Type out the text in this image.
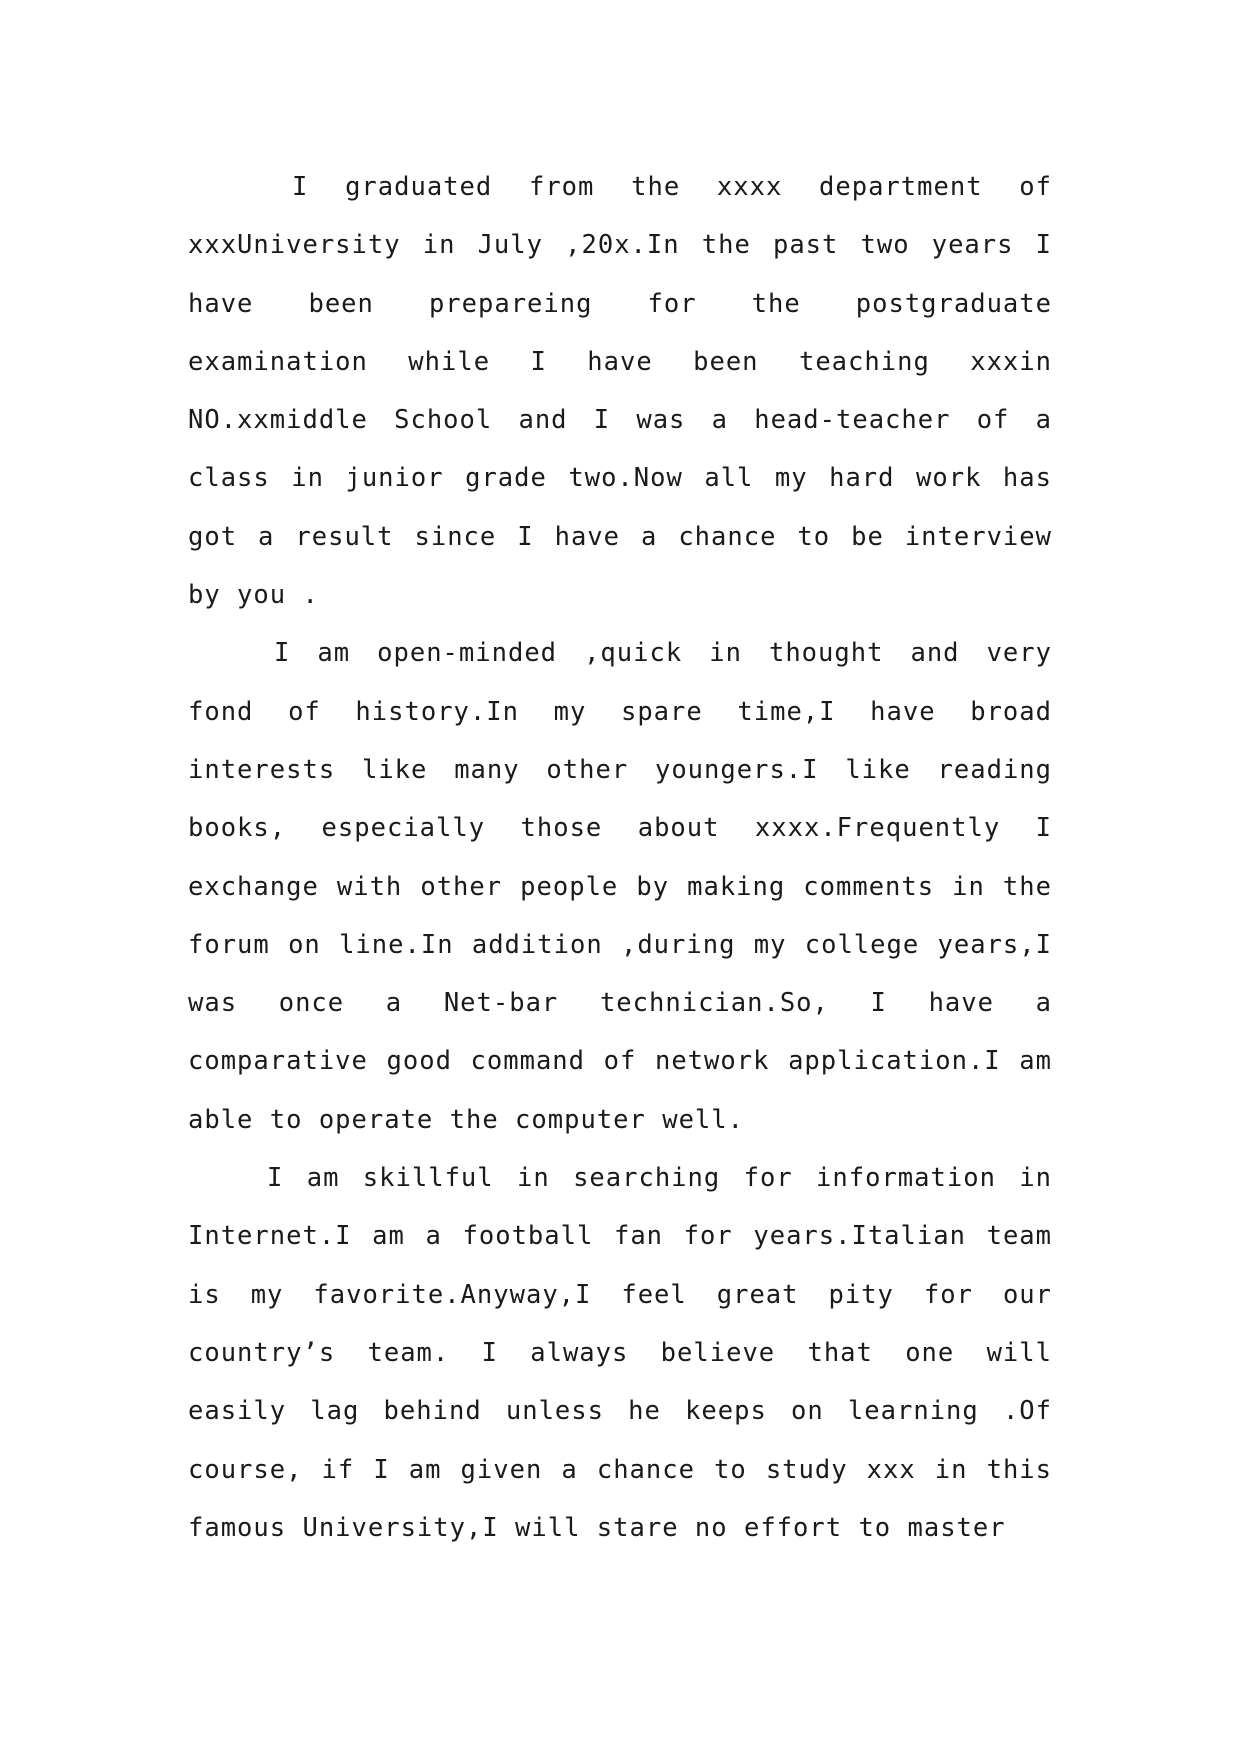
I graduated from the xxxx department of xxxUniversity in July ,20x.In the past two years I have been prepareing for the postgraduate examination while I have been teaching xxxin NO.xxmiddle School and I was a head-teacher of a class in junior grade two.Now all my hard work has got a result since I have a chance to be interview by you .

I am open-minded ,quick in thought and very fond of history.In my spare time,I have broad interests like many other youngers.I like reading books, especially those about xxxx.Frequently I exchange with other people by making comments in the forum on line.In addition ,during my college years,I was once a Net-bar technician.So, I have a comparative good command of network application.I am able to operate the computer well.

I am skillful in searching for information in Internet.I am a football fan for years.Italian team is my favorite.Anyway,I feel great pity for our country’s team. I always believe that one will easily lag behind unless he keeps on learning .Of course, if I am given a chance to study xxx in this famous University,I will stare no effort to master
